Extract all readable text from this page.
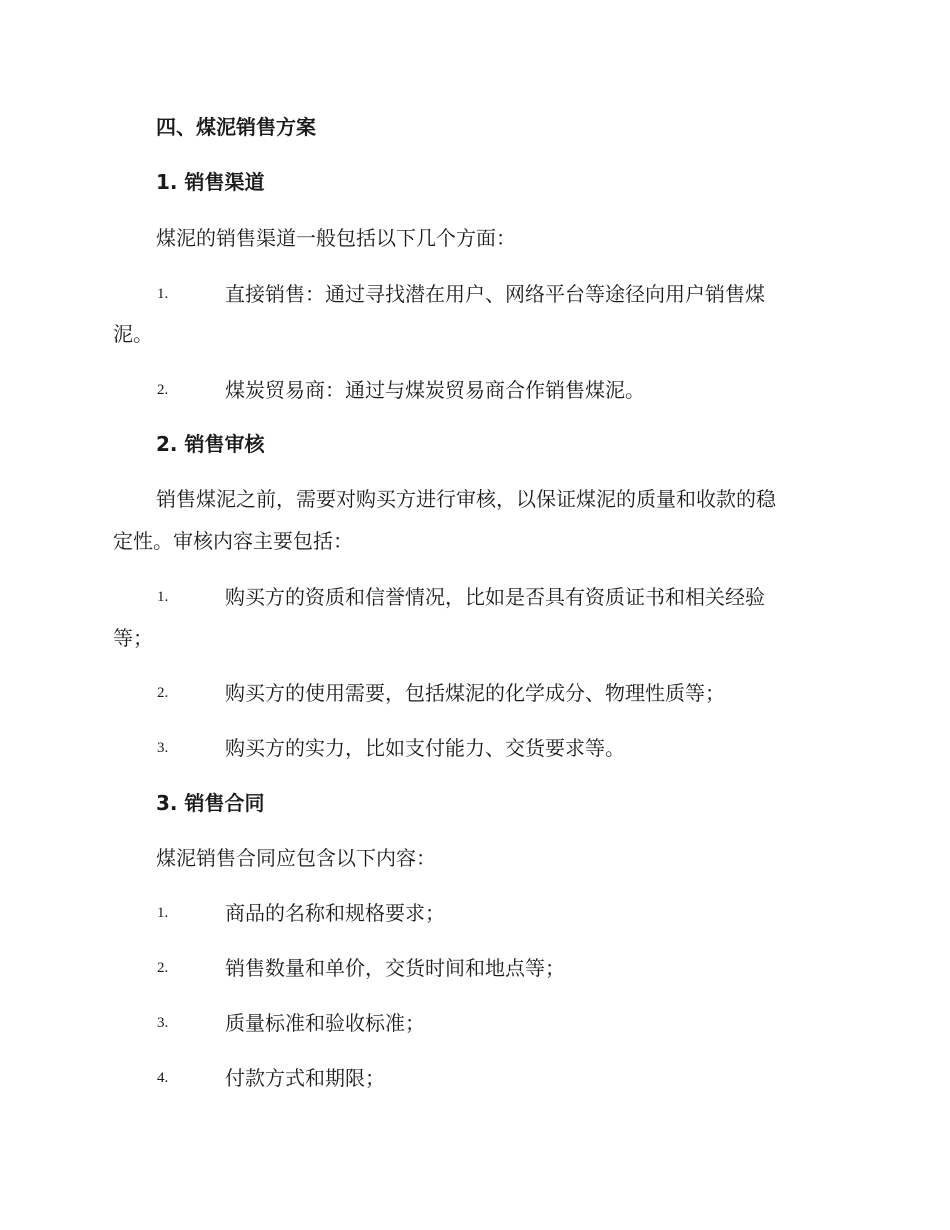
四、煤泥销售方案
1. 销售渠道
煤泥的销售渠道一般包括以下几个方面：
1.	直接销售：通过寻找潜在用户、网络平台等途径向用户销售煤
泥。
2.	煤炭贸易商：通过与煤炭贸易商合作销售煤泥。
2. 销售审核
销售煤泥之前，需要对购买方进行审核，以保证煤泥的质量和收款的稳
定性。审核内容主要包括：
1.	购买方的资质和信誉情况，比如是否具有资质证书和相关经验
等；
2.	购买方的使用需要，包括煤泥的化学成分、物理性质等；
3.	购买方的实力，比如支付能力、交货要求等。
3. 销售合同
煤泥销售合同应包含以下内容：
1.	商品的名称和规格要求；
2.	销售数量和单价，交货时间和地点等；
3.	质量标准和验收标准；
4.	付款方式和期限；
